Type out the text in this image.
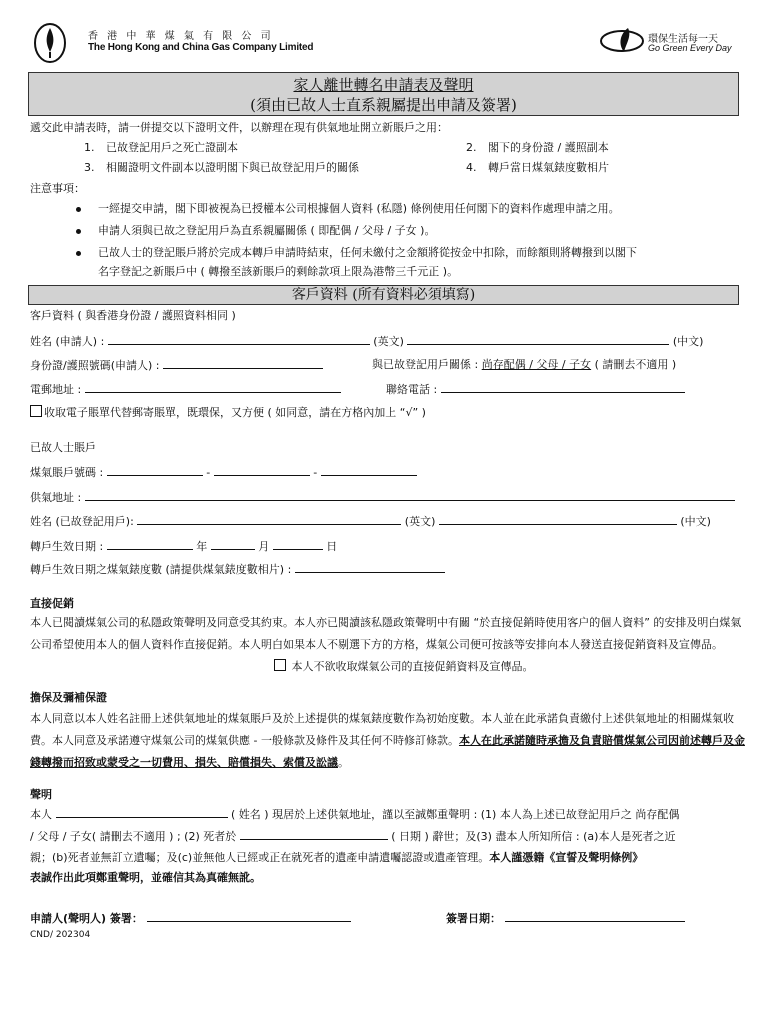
香 港 中 華 煤 氣 有 限 公 司
The Hong Kong and China Gas Company Limited
環保生活每一天
Go Green Every Day
家人離世轉名申請表及聲明
(須由已故人士直系親屬提出申請及簽署)
遞交此申請表時，請一併提交以下證明文件，以辦理在現有供氣地址開立新賬戶之用：
1. 已故登記用戶之死亡證副本	2. 閣下的身份證 / 護照副本
3. 相關證明文件副本以證明閣下與已故登記用戶的關係	4. 轉戶當日煤氣錶度數相片
注意事項：
一經提交申請，閣下即被視為已授權本公司根據個人資料 (私隱) 條例使用任何閣下的資料作處理申請之用。
申請人須與已故之登記用戶為直系親屬關係 ( 即配偶 / 父母 / 子女 )。
已故人士的登記賬戶將於完成本轉戶申請時結束，任何未繳付之金額將從按金中扣除，而餘額則將轉撥到以閣下
名字登記之新賬戶中 ( 轉撥至該新賬戶的剩餘款項上限為港幣三千元正 )。
客戶資料 (所有資料必須填寫)
客戶資料 ( 與香港身份證 / 護照資料相同 )
姓名 (申請人) :	(英文)	(中文)
身份證/護照號碼(申請人) :	與已故登記用戶關係 : 尚存配偶 / 父母 / 子女 ( 請刪去不適用 )
電郵地址 :	聯絡電話 :
收取電子賬單代替郵寄賬單，既環保，又方便 ( 如同意，請在方格內加上 “√” )
已故人士賬戶
煤氣賬戶號碼 :	-	-
供氣地址 :
姓名 (已故登記用戶):	(英文)	(中文)
轉戶生效日期 :	年	月	日
轉戶生效日期之煤氣錶度數 (請提供煤氣錶度數相片) :
直接促銷
本人已閱讀煤氣公司的私隱政策聲明及同意受其約束。本人亦已閱讀該私隱政策聲明中有關 “於直接促銷時使用客户的個人資料” 的安排及明白煤氣公司希望使用本人的個人資料作直接促銷。本人明白如果本人不剔選下方的方格，煤氣公司便可按該等安排向本人發送直接促銷資料及宣傳品。
本人不欲收取煤氣公司的直接促銷資料及宣傳品。
擔保及彌補保證
本人同意以本人姓名註冊上述供氣地址的煤氣賬戶及於上述提供的煤氣錶度數作為初始度數。本人並在此承諾負責繳付上述供氣地址的相關煤氣收費。本人同意及承諾遵守煤氣公司的煤氣供應 - 一般條款及條件及其任何不時修訂條款。本人在此承諾隨時承擔及負責賠償煤氣公司因前述轉戶及金錢轉撥而招致或蒙受之一切費用、損失、賠償損失、索償及訟議。
聲明
本人	( 姓名 ) 現居於上述供氣地址，謹以至誠鄭重聲明 : (1) 本人為上述已故登記用戶之 尚存配偶
/ 父母 / 子女( 請刪去不適用 ) ; (2) 死者於	( 日期 ) 辭世；及(3) 盡本人所知所信 : (a)本人是死者之近
親；(b)死者並無訂立遺囑；及(c)並無他人已經或正在就死者的遺產申請遺囑認證或遺產管理。本人謹憑籍《宣誓及聲明條例》
表誠作出此項鄭重聲明，並確信其為真確無訛。
申請人(聲明人) 簽署：	簽署日期：
CND/ 202304
